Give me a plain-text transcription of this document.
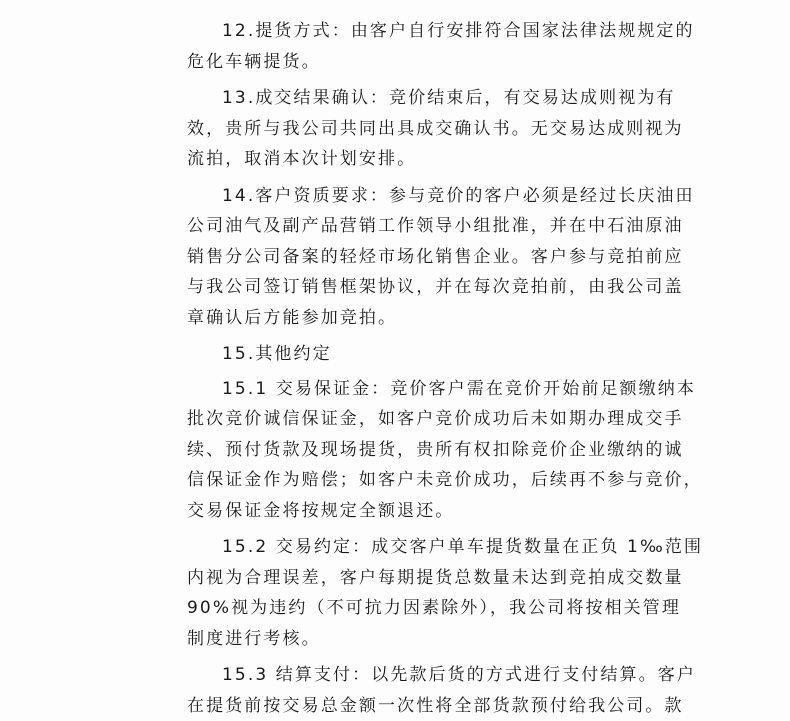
12.提货方式：由客户自行安排符合国家法律法规规定的
危化车辆提货。

13.成交结果确认：竞价结束后，有交易达成则视为有
效，贵所与我公司共同出具成交确认书。无交易达成则视为
流拍，取消本次计划安排。

14.客户资质要求：参与竞价的客户必须是经过长庆油田
公司油气及副产品营销工作领导小组批准，并在中石油原油
销售分公司备案的轻烃市场化销售企业。客户参与竞拍前应
与我公司签订销售框架协议，并在每次竞拍前，由我公司盖
章确认后方能参加竞拍。

15.其他约定

15.1 交易保证金：竞价客户需在竞价开始前足额缴纳本
批次竞价诚信保证金，如客户竞价成功后未如期办理成交手
续、预付货款及现场提货，贵所有权扣除竞价企业缴纳的诚
信保证金作为赔偿；如客户未竞价成功，后续再不参与竞价，
交易保证金将按规定全额退还。

15.2 交易约定：成交客户单车提货数量在正负 1‰范围
内视为合理误差，客户每期提货总数量未达到竞拍成交数量
90%视为违约（不可抗力因素除外），我公司将按相关管理
制度进行考核。

15.3 结算支付：以先款后货的方式进行支付结算。客户
在提货前按交易总金额一次性将全部货款预付给我公司。款
